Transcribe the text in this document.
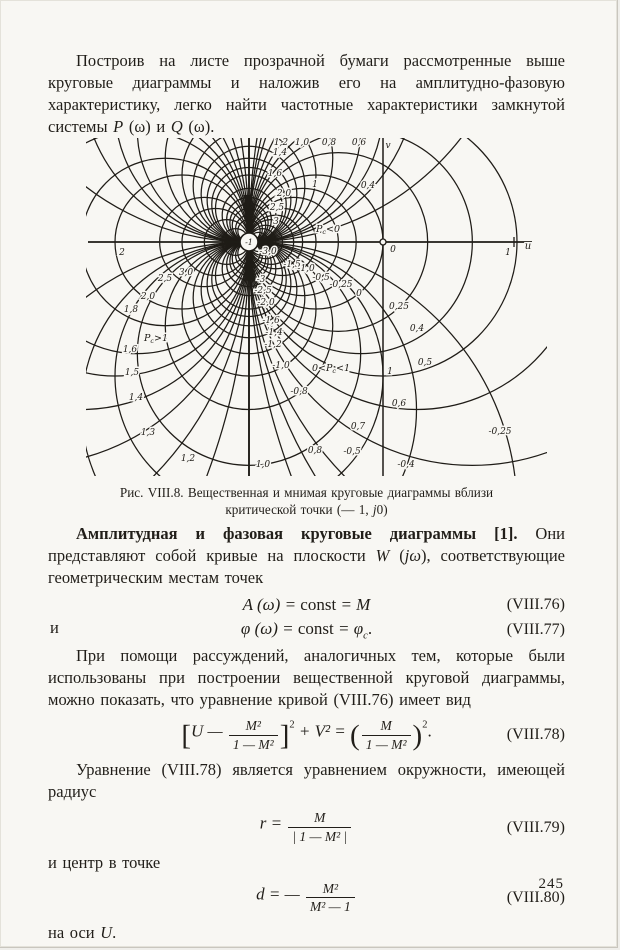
Построив на листе прозрачной бумаги рассмотренные выше круговые диаграммы и наложив его на амплитудно-фазовую характеристику, легко найти частотные характеристики замкнутой системы P (ω) и Q (ω).

-1
1,2 1,0 0,8 0,6 v
1,4
1,6
2,0
2,5
3
1	0,4
$P_c<0$
2	0	1
u
-3,0
-1,5
-1,0
-0,5
-0,25
0
0,25
3,0
2,5
2,0
1,8
$P_c>1$
1,6
1,5
1,4
1,3
1,2
1,0
-3
-2,5
-2,0
-1,6
-1,4
-1,2
-1,0
-0,8
$0<P_c<1$	1
0,4
0,5
0,6
0,7
0,8 -0,5
-0,4
-0,25
Рис. VIII.8. Вещественная и мнимая круговые диаграммы вблизи
критической точки (— 1, j0)

Амплитудная и фазовая круговые диаграммы [1]. Они представляют собой кривые на плоскости W (jω), соответствующие геометрическим местам точек

и
A (ω) = const = M	(VIII.76)
φ (ω) = const = $\varphi_c$.	(VIII.77)

При помощи рассуждений, аналогичных тем, которые были использованы при построении вещественной круговой диаграммы, можно показать, что уравнение кривой (VIII.76) имеет вид

[U — $\frac{\text{M²}}{\text{1 — M²}} ]^2 + V^2$ = ( $\frac{M}{\text{1 — M²}} )^2$.	(VIII.78)

Уравнение (VIII.78) является уравнением окружности, имеющей радиус

$r = \frac{M}{\text{| 1 — M² |}}$	(VIII.79)

и центр в точке

d = — $\frac{\text{M²}}{\text{M² — 1}}$	(VIII.80)

на оси U.

245
